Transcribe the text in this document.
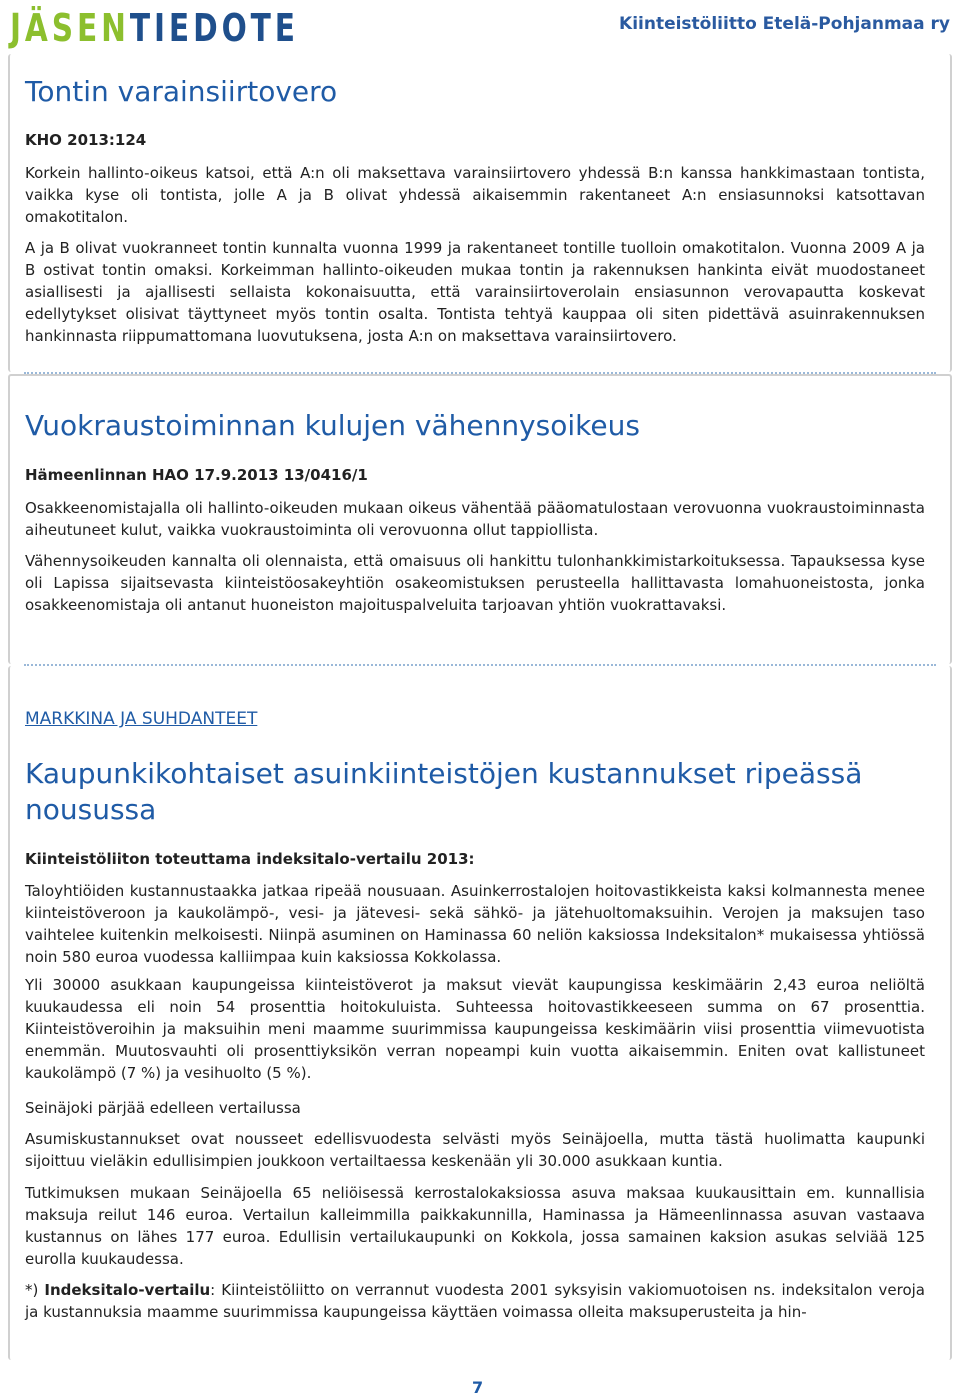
JÄSENTIEDOTE	Kiinteistöliitto Etelä-Pohjanmaa ry
Tontin varainsiirtovero
KHO 2013:124

Korkein hallinto-oikeus katsoi, että A:n oli maksettava varainsiirtovero yhdessä B:n kanssa hankkimastaan tontista, vaikka kyse oli tontista, jolle A ja B olivat yhdessä aikaisemmin rakentaneet A:n ensiasunnoksi katsottavan omakotitalon.

A ja B olivat vuokranneet tontin kunnalta vuonna 1999 ja rakentaneet tontille tuolloin omakotitalon. Vuonna 2009 A ja B ostivat tontin omaksi. Korkeimman hallinto-oikeuden mukaa tontin ja rakennuksen hankinta eivät muodostaneet asiallisesti ja ajallisesti sellaista kokonaisuutta, että varainsiirtoverolain ensiasunnon verovapautta koskevat edellytykset olisivat täyttyneet myös tontin osalta. Tontista tehtyä kauppaa oli siten pidettävä asuinrakennuksen hankinnasta riippumattomana luovutuksena, josta A:n on maksettava varainsiirtovero.

Vuokraustoiminnan kulujen vähennysoikeus
Hämeenlinnan HAO 17.9.2013 13/0416/1

Osakkeenomistajalla oli hallinto-oikeuden mukaan oikeus vähentää pääomatulostaan verovuonna vuokraustoiminnasta aiheutuneet kulut, vaikka vuokraustoiminta oli verovuonna ollut tappiollista.

Vähennysoikeuden kannalta oli olennaista, että omaisuus oli hankittu tulonhankkimistarkoituksessa. Tapauksessa kyse oli Lapissa sijaitsevasta kiinteistöosakeyhtiön osakeomistuksen perusteella hallittavasta lomahuoneistosta, jonka osakkeenomistaja oli antanut huoneiston majoituspalveluita tarjoavan yhtiön vuokrattavaksi.

MARKKINA JA SUHDANTEET
Kaupunkikohtaiset asuinkiinteistöjen kustannukset ripeässä nousussa
Kiinteistöliiton toteuttama indeksitalo-vertailu 2013:

Taloyhtiöiden kustannustaakka jatkaa ripeää nousuaan. Asuinkerrostalojen hoitovastikkeista kaksi kolmannesta menee kiinteistöveroon ja kaukolämpö-, vesi- ja jätevesi- sekä sähkö- ja jätehuoltomaksuihin. Verojen ja maksujen taso vaihtelee kuitenkin melkoisesti. Niinpä asuminen on Haminassa 60 neliön kaksiossa Indeksitalon* mukaisessa yhtiössä noin 580 euroa vuodessa kalliimpaa kuin kaksiossa Kokkolassa.

Yli 30000 asukkaan kaupungeissa kiinteistöverot ja maksut vievät kaupungissa keskimäärin 2,43 euroa neliöltä kuukaudessa eli noin 54 prosenttia hoitokuluista. Suhteessa hoitovastikkeeseen summa on 67 prosenttia. Kiinteistöveroihin ja maksuihin meni maamme suurimmissa kaupungeissa keskimäärin viisi prosenttia viimevuotista enemmän. Muutosvauhti oli prosenttiyksikön verran nopeampi kuin vuotta aikaisemmin. Eniten ovat kallistuneet kaukolämpö (7 %) ja vesihuolto (5 %).

Seinäjoki pärjää edelleen vertailussa

Asumiskustannukset ovat nousseet edellisvuodesta selvästi myös Seinäjoella, mutta tästä huolimatta kaupunki sijoittuu vieläkin edullisimpien joukkoon vertailtaessa keskenään yli 30.000 asukkaan kuntia.

Tutkimuksen mukaan Seinäjoella 65 neliöisessä kerrostalokaksiossa asuva maksaa kuukausittain em. kunnallisia maksuja reilut 146 euroa. Vertailun kalleimmilla paikkakunnilla, Haminassa ja Hämeenlinnassa asuvan vastaava kustannus on lähes 177 euroa. Edullisin vertailukaupunki on Kokkola, jossa samainen kaksion asukas selviää 125 eurolla kuukaudessa.

*) Indeksitalo-vertailu: Kiinteistöliitto on verrannut vuodesta 2001 syksyisin vakiomuotoisen ns. indeksitalon veroja ja kustannuksia maamme suurimmissa kaupungeissa käyttäen voimassa olleita maksuperusteita ja hin-

7
